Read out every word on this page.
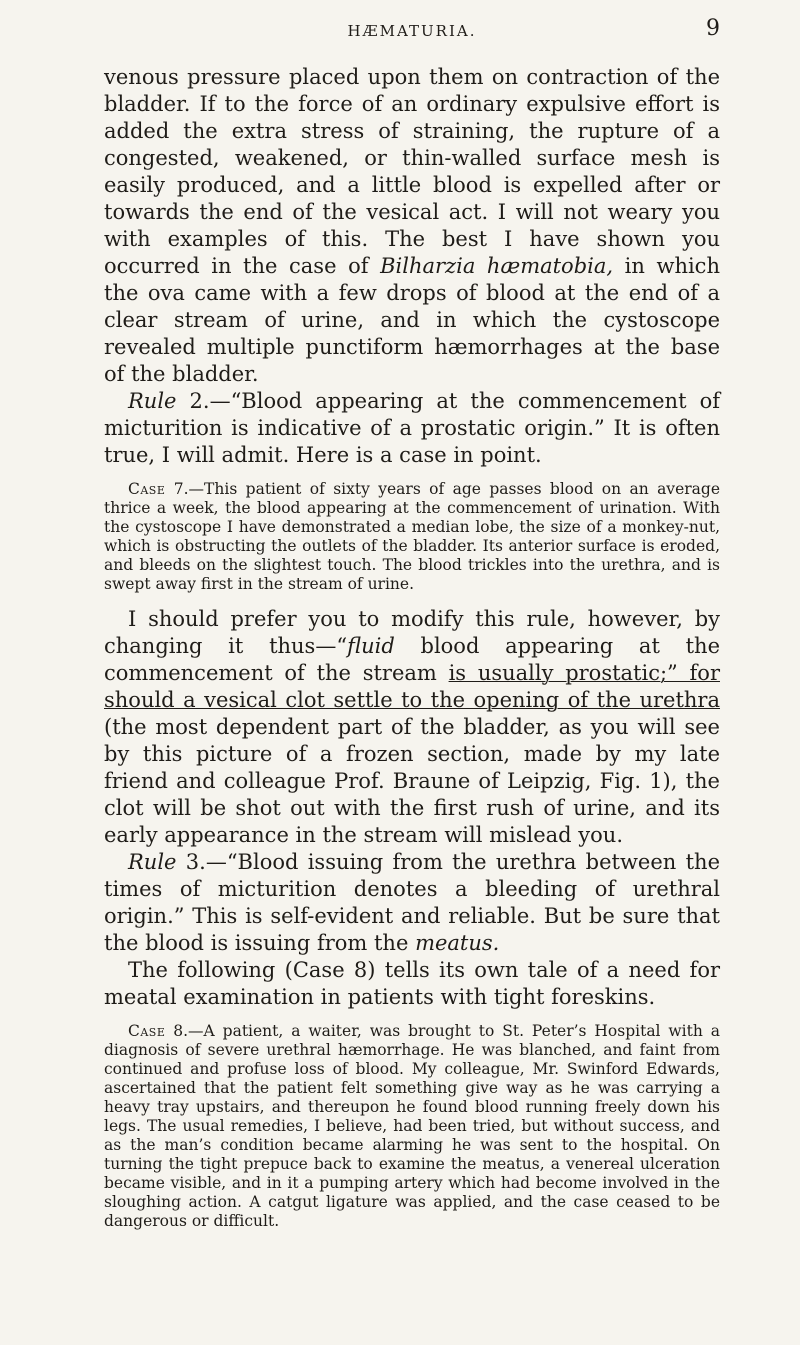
HÆMATURIA.	9

venous pressure placed upon them on contraction of the bladder. If to the force of an ordinary expulsive effort is added the extra stress of straining, the rupture of a congested, weakened, or thin-walled surface mesh is easily produced, and a little blood is expelled after or towards the end of the vesical act. I will not weary you with examples of this. The best I have shown you occurred in the case of Bilharzia hæmatobia, in which the ova came with a few drops of blood at the end of a clear stream of urine, and in which the cystoscope revealed multiple punctiform hæmorrhages at the base of the bladder.

Rule 2.—“Blood appearing at the commencement of micturition is indicative of a prostatic origin.” It is often true, I will admit. Here is a case in point.

Case 7.—This patient of sixty years of age passes blood on an average thrice a week, the blood appearing at the commencement of urination. With the cystoscope I have demonstrated a median lobe, the size of a monkey-nut, which is obstructing the outlets of the bladder. Its anterior surface is eroded, and bleeds on the slightest touch. The blood trickles into the urethra, and is swept away first in the stream of urine.

I should prefer you to modify this rule, however, by changing it thus—“fluid blood appearing at the commencement of the stream is usually prostatic;” for should a vesical clot settle to the opening of the urethra (the most dependent part of the bladder, as you will see by this picture of a frozen section, made by my late friend and colleague Prof. Braune of Leipzig, Fig. 1), the clot will be shot out with the first rush of urine, and its early appearance in the stream will mislead you.

Rule 3.—“Blood issuing from the urethra between the times of micturition denotes a bleeding of urethral origin.” This is self-evident and reliable. But be sure that the blood is issuing from the meatus.

The following (Case 8) tells its own tale of a need for meatal examination in patients with tight foreskins.

Case 8.—A patient, a waiter, was brought to St. Peter’s Hospital with a diagnosis of severe urethral hæmorrhage. He was blanched, and faint from continued and profuse loss of blood. My colleague, Mr. Swinford Edwards, ascertained that the patient felt something give way as he was carrying a heavy tray upstairs, and thereupon he found blood running freely down his legs. The usual remedies, I believe, had been tried, but without success, and as the man’s condition became alarming he was sent to the hospital. On turning the tight prepuce back to examine the meatus, a venereal ulceration became visible, and in it a pumping artery which had become involved in the sloughing action. A catgut ligature was applied, and the case ceased to be dangerous or difficult.
